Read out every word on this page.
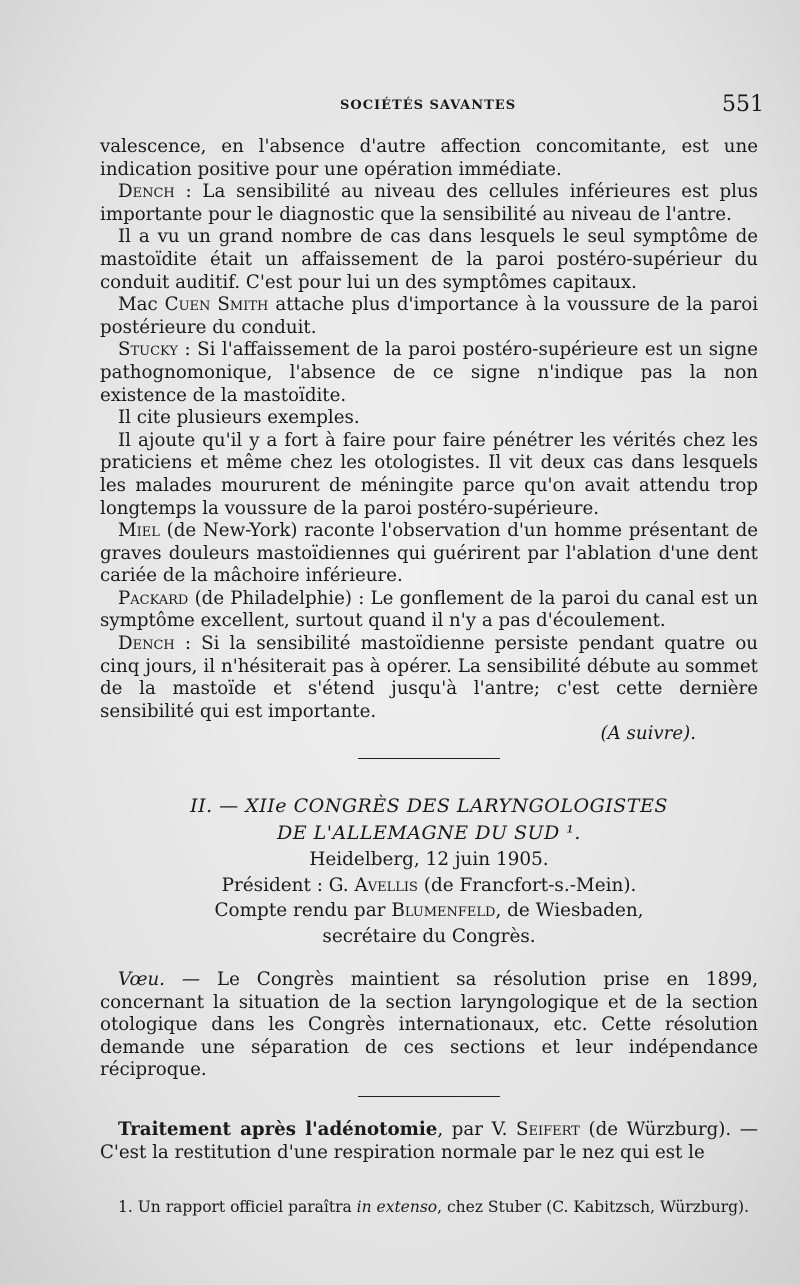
SOCIÉTÉS SAVANTES	551

valescence, en l'absence d'autre affection concomitante, est une indication positive pour une opération immédiate.

Dench : La sensibilité au niveau des cellules inférieures est plus importante pour le diagnostic que la sensibilité au niveau de l'antre.

Il a vu un grand nombre de cas dans lesquels le seul symptôme de mastoïdite était un affaissement de la paroi postéro-supérieur du conduit auditif. C'est pour lui un des symptômes capitaux.

Mac Cuen Smith attache plus d'importance à la voussure de la paroi postérieure du conduit.

Stucky : Si l'affaissement de la paroi postéro-supérieure est un signe pathognomonique, l'absence de ce signe n'indique pas la non existence de la mastoïdite.

Il cite plusieurs exemples.

Il ajoute qu'il y a fort à faire pour faire pénétrer les vérités chez les praticiens et même chez les otologistes. Il vit deux cas dans lesquels les malades moururent de méningite parce qu'on avait attendu trop longtemps la voussure de la paroi postéro-supérieure.

Miel (de New-York) raconte l'observation d'un homme présentant de graves douleurs mastoïdiennes qui guérirent par l'ablation d'une dent cariée de la mâchoire inférieure.

Packard (de Philadelphie) : Le gonflement de la paroi du canal est un symptôme excellent, surtout quand il n'y a pas d'écoulement.

Dench : Si la sensibilité mastoïdienne persiste pendant quatre ou cinq jours, il n'hésiterait pas à opérer. La sensibilité débute au sommet de la mastoïde et s'étend jusqu'à l'antre; c'est cette dernière sensibilité qui est importante.

(A suivre).

II. — XIIe CONGRÈS DES LARYNGOLOGISTES
DE L'ALLEMAGNE DU SUD ¹.
Heidelberg, 12 juin 1905.
Président : G. Avellis (de Francfort-s.-Mein).
Compte rendu par Blumenfeld, de Wiesbaden,
secrétaire du Congrès.

Vœu. — Le Congrès maintient sa résolution prise en 1899, concernant la situation de la section laryngologique et de la section otologique dans les Congrès internationaux, etc. Cette résolution demande une séparation de ces sections et leur indépendance réciproque.

Traitement après l'adénotomie, par V. Seifert (de Würzburg). — C'est la restitution d'une respiration normale par le nez qui est le

1. Un rapport officiel paraîtra in extenso, chez Stuber (C. Kabitzsch, Würzburg).
